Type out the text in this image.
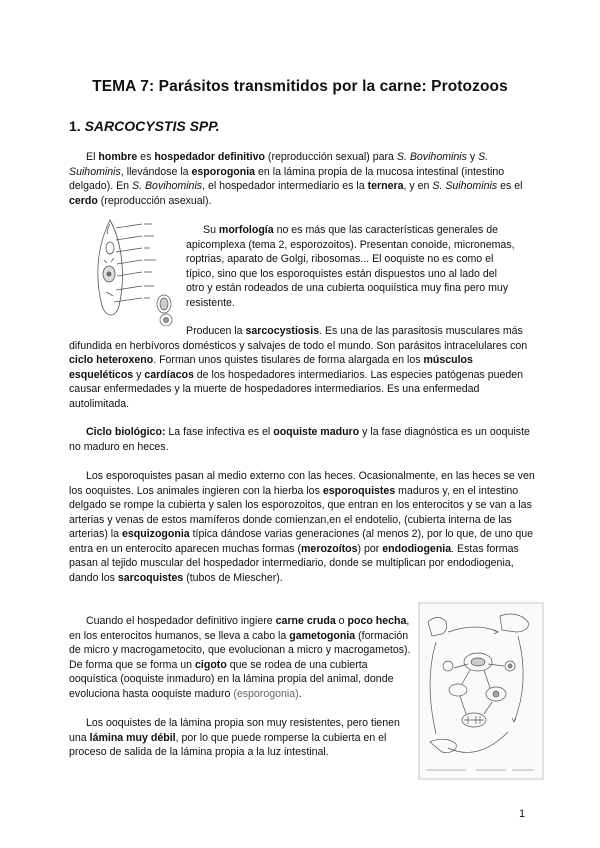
TEMA 7: Parásitos transmitidos por la carne: Protozoos
1. SARCOCYSTIS SPP.
El hombre es hospedador definitivo (reproducción sexual) para S. Bovihominis y S. Suihominis, llevándose la esporogonia en la lámina propia de la mucosa intestinal (intestino delgado). En S. Bovihominis, el hospedador intermediario es la ternera, y en S. Suihominis es el cerdo (reproducción asexual).
Su morfología no es más que las características generales de apicomplexa (tema 2, esporozoitos). Presentan conoide, micronemas, roptrias, aparato de Golgi, ribosomas... El ooquiste no es como el típico, sino que los esporoquistes están dispuestos uno al lado del otro y están rodeados de una cubierta ooquiística muy fina pero muy resistente.
Producen la sarcocystiosis. Es una de las parasitosis musculares más difundida en herbívoros domésticos y salvajes de todo el mundo. Son parásitos intracelulares con ciclo heteroxeno. Forman unos quistes tisulares de forma alargada en los músculos esqueléticos y cardíacos de los hospedadores intermediarios. Las especies patógenas pueden causar enfermedades y la muerte de hospedadores intermediarios. Es una enfermedad autolimitada.
Ciclo biológico: La fase infectiva es el ooquiste maduro y la fase diagnóstica es un ooquiste no maduro en heces.
Los esporoquistes pasan al medio externo con las heces. Ocasionalmente, en las heces se ven los ooquistes. Los animales ingieren con la hierba los esporoquistes maduros y, en el intestino delgado se rompe la cubierta y salen los esporozoitos, que entran en los enterocitos y se van a las arterias y venas de estos mamíferos donde comienzan,en el endotelio, (cubierta interna de las arterias) la esquizogonia típica dándose varias generaciones (al menos 2), por lo que, de uno que entra en un enterocito aparecen muchas formas (merozoítos) por endodiogenia. Estas formas pasan al tejido muscular del hospedador intermediario, donde se multiplican por endodiogenia, dando los sarcoquistes (tubos de Miescher).
Cuando el hospedador definitivo ingiere carne cruda o poco hecha, en los enterocitos humanos, se lleva a cabo la gametogonia (formación de micro y macrogametocito, que evolucionan a micro y macrogametos). De forma que se forma un cigoto que se rodea de una cubierta ooquística (ooquiste inmaduro) en la lámina propia del animal, donde evoluciona hasta ooquiste maduro (esporogonia).
Los ooquistes de la lámina propia son muy resistentes, pero tienen una lámina muy débil, por lo que puede romperse la cubierta en el proceso de salida de la lámina propia a la luz intestinal.
1
